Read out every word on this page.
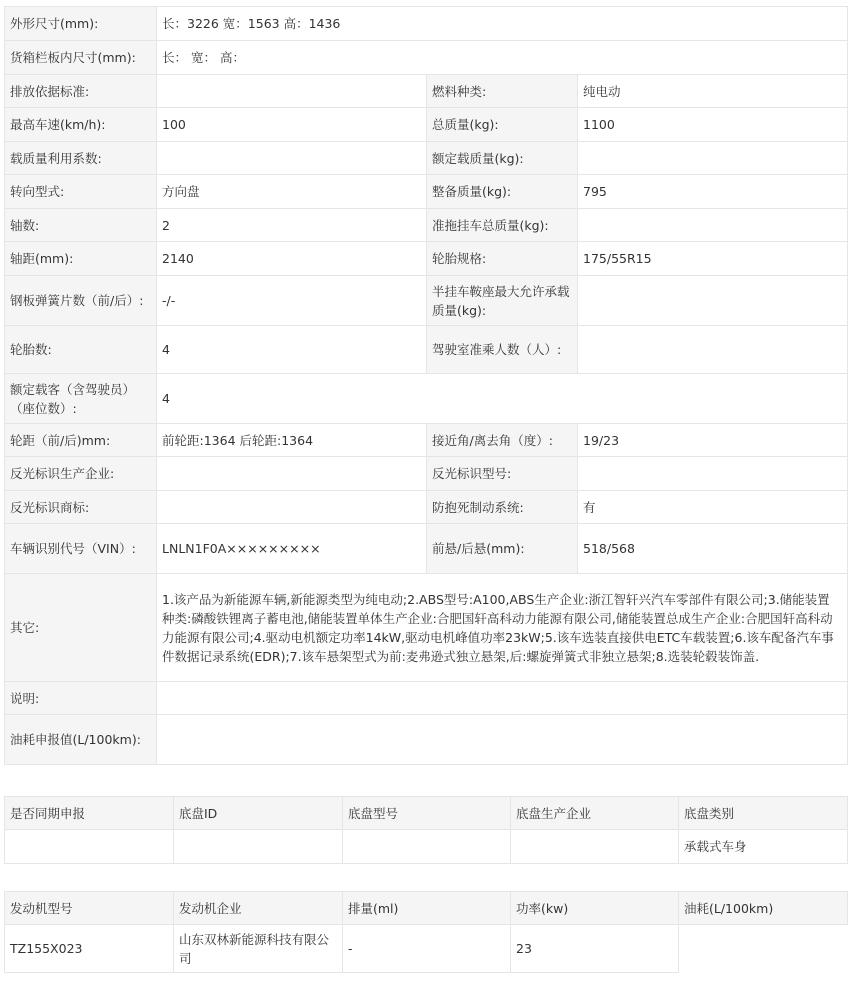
外形尺寸(mm):	长：3226 宽：1563 高：1436		
货箱栏板内尺寸(mm):	长： 宽： 高：		
排放依据标准:		燃料种类:	纯电动
最高车速(km/h):	100	总质量(kg):	1100
载质量利用系数:		额定载质量(kg):	
转向型式:	方向盘	整备质量(kg):	795
轴数:	2	准拖挂车总质量(kg):	
轴距(mm):	2140	轮胎规格:	175/55R15
钢板弹簧片数（前/后）:	-/-	半挂车鞍座最大允许承载质量(kg):	
轮胎数:	4	驾驶室准乘人数（人）:	
额定载客（含驾驶员）（座位数）:	4		
轮距（前/后)mm:	前轮距:1364 后轮距:1364	接近角/离去角（度）:	19/23
反光标识生产企业:		反光标识型号:	
反光标识商标:		防抱死制动系统:	有
车辆识别代号（VIN）:	LNLN1F0A×××××××××	前悬/后悬(mm):	518/568
其它:	1.该产品为新能源车辆,新能源类型为纯电动;2.ABS型号:A100,ABS生产企业:浙江智轩兴汽车零部件有限公司;3.储能装置种类:磷酸铁锂离子蓄电池,储能装置单体生产企业:合肥国轩高科动力能源有限公司,储能装置总成生产企业:合肥国轩高科动力能源有限公司;4.驱动电机额定功率14kW,驱动电机峰值功率23kW;5.该车选装直接供电ETC车载装置;6.该车配备汽车事件数据记录系统(EDR);7.该车悬架型式为前:麦弗逊式独立悬架,后:螺旋弹簧式非独立悬架;8.选装轮毂装饰盖.		
说明:			
油耗申报值(L/100km):			
是否同期申报	底盘ID	底盘型号	底盘生产企业	底盘类别
				承载式车身
发动机型号	发动机企业	排量(ml)	功率(kw)	油耗(L/100km)
TZ155X023	山东双林新能源科技有限公司	-	23	
